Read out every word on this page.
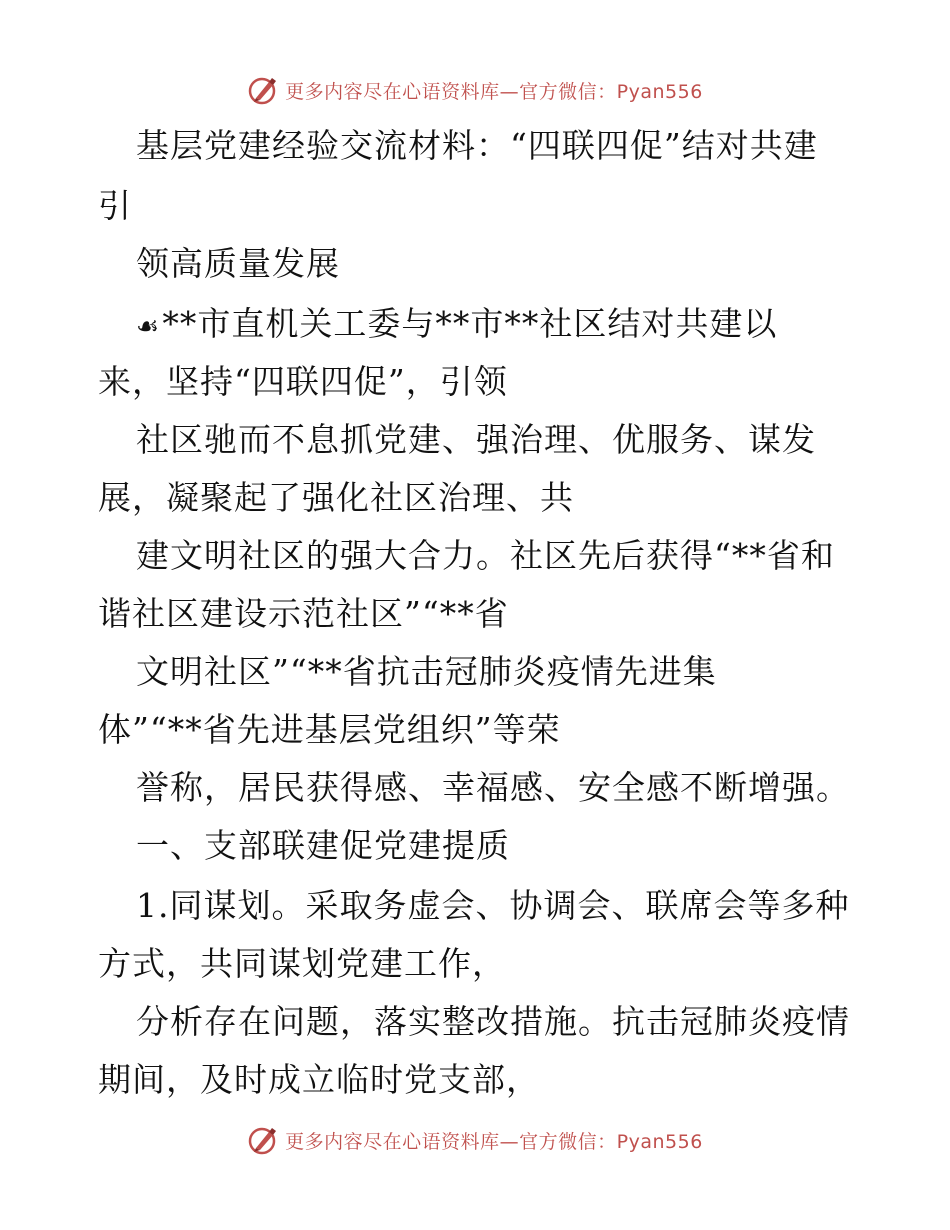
更多内容尽在心语资料库—官方微信：Pyan556
基层党建经验交流材料：“四联四促”结对共建
引
领高质量发展
☙**市直机关工委与**市**社区结对共建以
来，坚持“四联四促”，引领
社区驰而不息抓党建、强治理、优服务、谋发
展，凝聚起了强化社区治理、共
建文明社区的强大合力。社区先后获得“**省和
谐社区建设示范社区”“**省
文明社区”“**省抗击冠肺炎疫情先进集
体”“**省先进基层党组织”等荣
誉称，居民获得感、幸福感、安全感不断增强。
一、支部联建促党建提质
1.同谋划。采取务虚会、协调会、联席会等多种
方式，共同谋划党建工作，
分析存在问题，落实整改措施。抗击冠肺炎疫情
期间，及时成立临时党支部，
更多内容尽在心语资料库—官方微信：Pyan556
